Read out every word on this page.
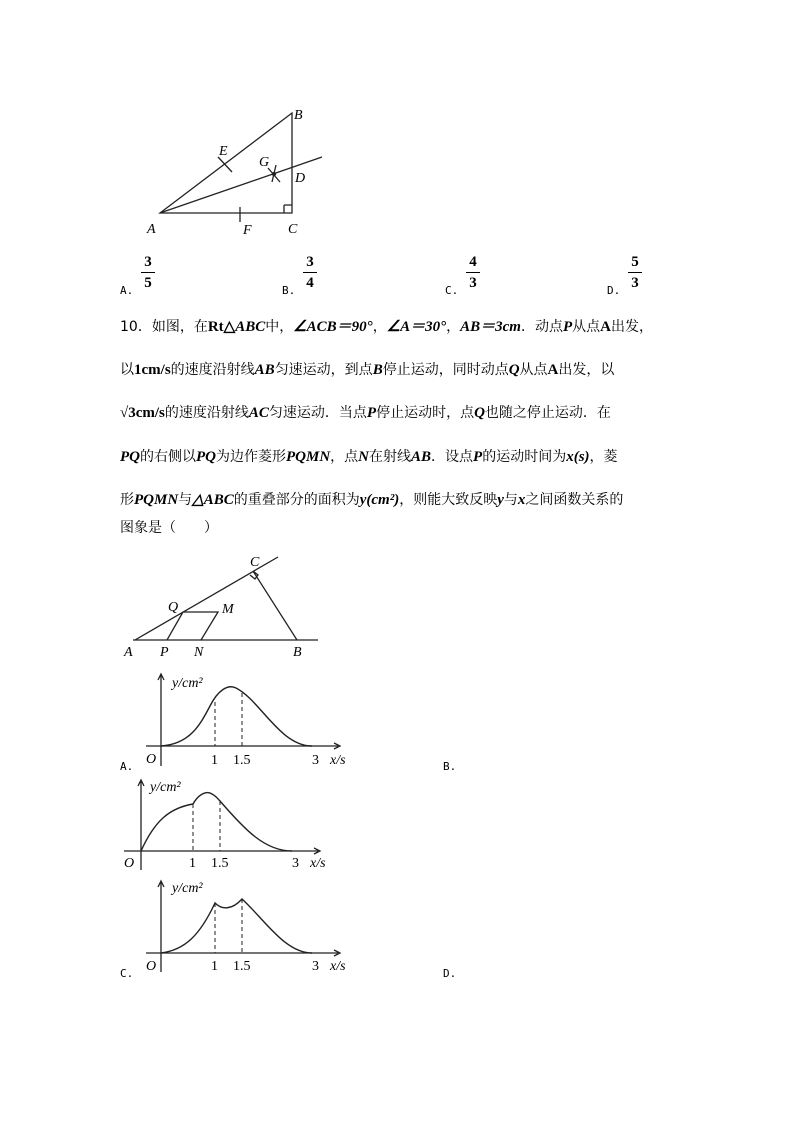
A
B
C
D
E
F
G
A	B
C
P
Q	M
N
y/cm²
O	1 1.5	3 x/s
y/cm²
O	1 1.5	3 x/s
y/cm²
O	1 1.5	3 x/s
A.
3
5	B.
3
4	C.
4
3	D.
5
3
10．如图，在Rt△ABC中，∠ACB＝90°，∠A＝30°，AB＝3cm．动点P从点A出发，
以1cm/s的速度沿射线AB匀速运动，到点B停止运动，同时动点Q从点A出发，以
√3cm/s的速度沿射线AC匀速运动．当点P停止运动时，点Q也随之停止运动．在
PQ的右侧以PQ为边作菱形PQMN，点N在射线AB．设点P的运动时间为x(s)，菱
形PQMN与△ABC的重叠部分的面积为y(cm²)，则能大致反映y与x之间函数关系的
图象是（　　）
A.	B.
C.	D.
